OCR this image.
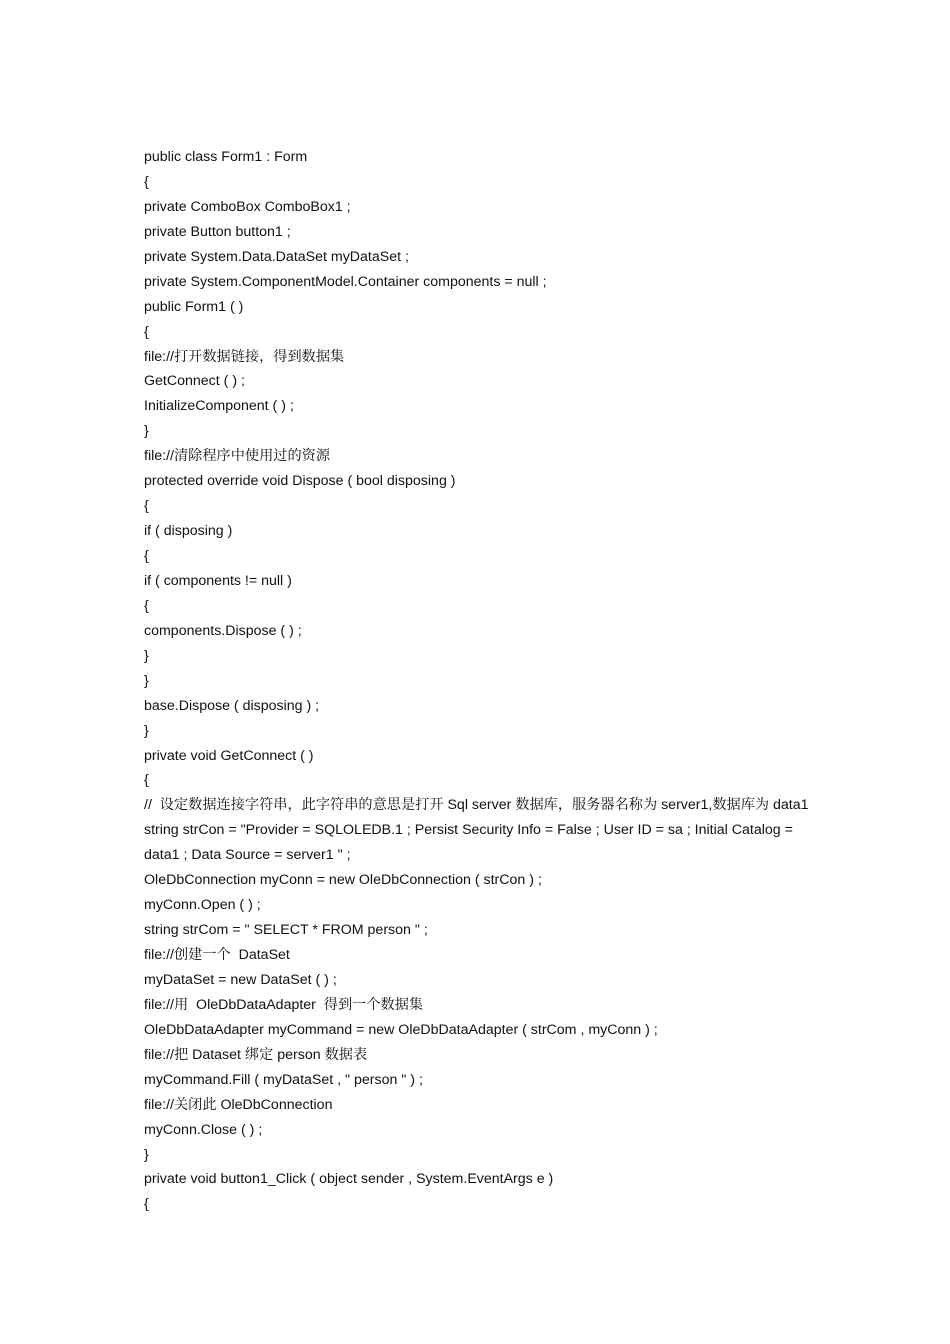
public class Form1 : Form
{
private ComboBox ComboBox1 ;
private Button button1 ;
private System.Data.DataSet myDataSet ;
private System.ComponentModel.Container components = null ;
public Form1 ( )
{
file://打开数据链接，得到数据集
GetConnect ( ) ;
InitializeComponent ( ) ;
}
file://清除程序中使用过的资源
protected override void Dispose ( bool disposing )
{
if ( disposing )
{
if ( components != null )
{
components.Dispose ( ) ;
}
}
base.Dispose ( disposing ) ;
}
private void GetConnect ( )
{
//  设定数据连接字符串，此字符串的意思是打开 Sql server 数据库，服务器名称为 server1,数据库为 data1
string strCon = "Provider = SQLOLEDB.1 ; Persist Security Info = False ; User ID = sa ; Initial Catalog =
data1 ; Data Source = server1 " ;
OleDbConnection myConn = new OleDbConnection ( strCon ) ;
myConn.Open ( ) ;
string strCom = " SELECT * FROM person " ;
file://创建一个  DataSet
myDataSet = new DataSet ( ) ;
file://用  OleDbDataAdapter  得到一个数据集
OleDbDataAdapter myCommand = new OleDbDataAdapter ( strCom , myConn ) ;
file://把 Dataset 绑定 person 数据表
myCommand.Fill ( myDataSet , " person " ) ;
file://关闭此 OleDbConnection
myConn.Close ( ) ;
}
private void button1_Click ( object sender , System.EventArgs e )
{
